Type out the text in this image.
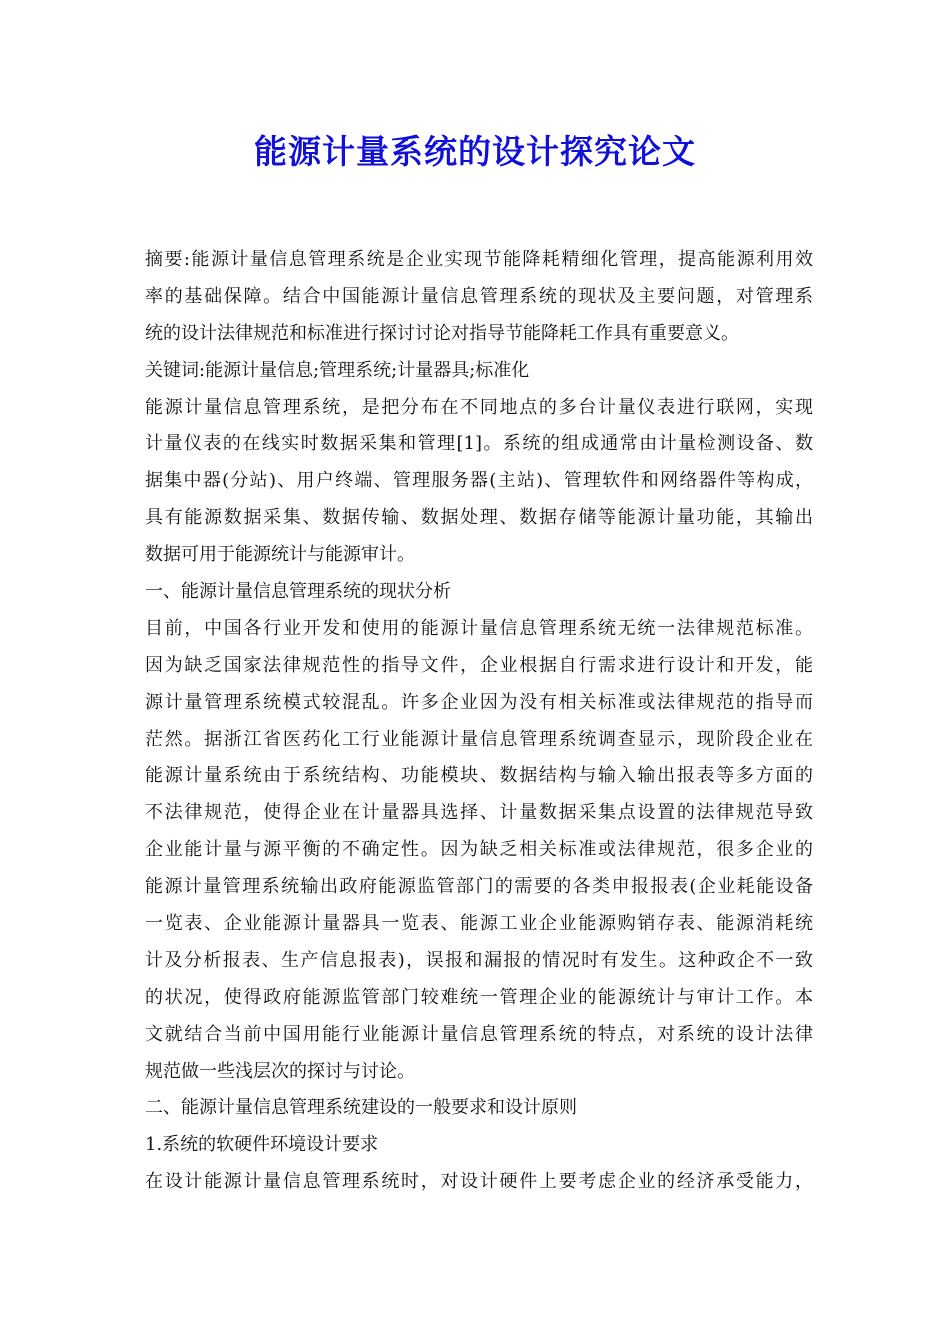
能源计量系统的设计探究论文
摘要:能源计量信息管理系统是企业实现节能降耗精细化管理，提高能源利用效
率的基础保障。结合中国能源计量信息管理系统的现状及主要问题，对管理系
统的设计法律规范和标准进行探讨讨论对指导节能降耗工作具有重要意义。
关键词:能源计量信息;管理系统;计量器具;标准化
能源计量信息管理系统，是把分布在不同地点的多台计量仪表进行联网，实现
计量仪表的在线实时数据采集和管理[1]。系统的组成通常由计量检测设备、数
据集中器(分站)、用户终端、管理服务器(主站)、管理软件和网络器件等构成，
具有能源数据采集、数据传输、数据处理、数据存储等能源计量功能，其输出
数据可用于能源统计与能源审计。
一、能源计量信息管理系统的现状分析
目前，中国各行业开发和使用的能源计量信息管理系统无统一法律规范标准。
因为缺乏国家法律规范性的指导文件，企业根据自行需求进行设计和开发，能
源计量管理系统模式较混乱。许多企业因为没有相关标准或法律规范的指导而
茫然。据浙江省医药化工行业能源计量信息管理系统调查显示，现阶段企业在
能源计量系统由于系统结构、功能模块、数据结构与输入输出报表等多方面的
不法律规范，使得企业在计量器具选择、计量数据采集点设置的法律规范导致
企业能计量与源平衡的不确定性。因为缺乏相关标准或法律规范，很多企业的
能源计量管理系统输出政府能源监管部门的需要的各类申报报表(企业耗能设备
一览表、企业能源计量器具一览表、能源工业企业能源购销存表、能源消耗统
计及分析报表、生产信息报表)，误报和漏报的情况时有发生。这种政企不一致
的状况，使得政府能源监管部门较难统一管理企业的能源统计与审计工作。本
文就结合当前中国用能行业能源计量信息管理系统的特点，对系统的设计法律
规范做一些浅层次的探讨与讨论。
二、能源计量信息管理系统建设的一般要求和设计原则
1.系统的软硬件环境设计要求
在设计能源计量信息管理系统时，对设计硬件上要考虑企业的经济承受能力，
